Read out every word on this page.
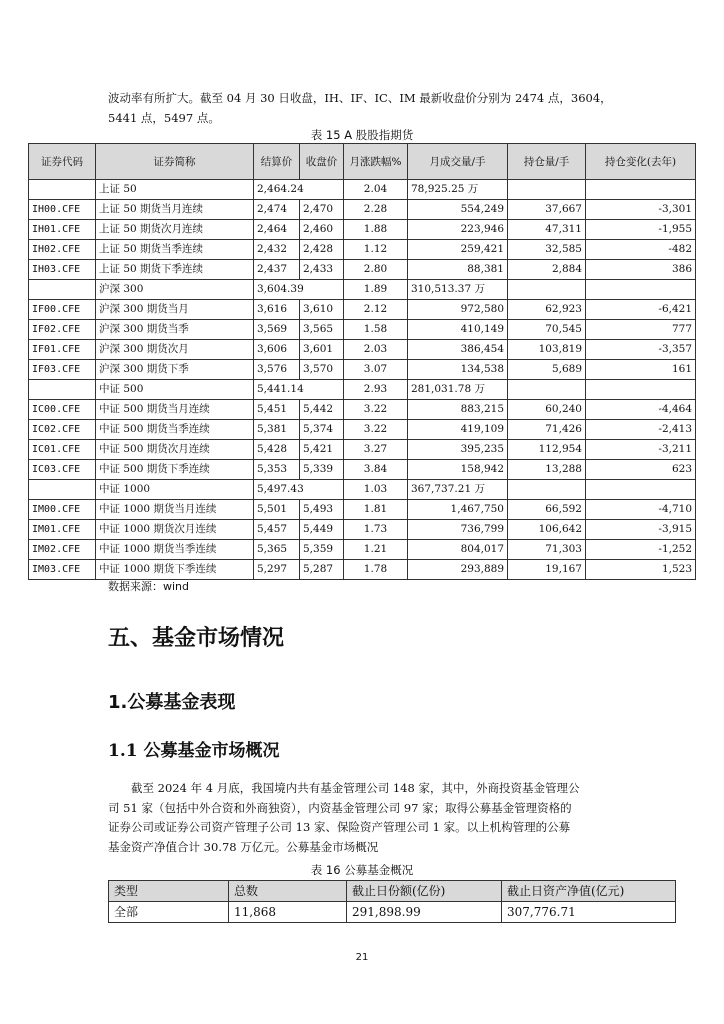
波动率有所扩大。截至 04 月 30 日收盘，IH、IF、IC、IM 最新收盘价分别为 2474 点，3604，
5441 点，5497 点。

表 15 A 股股指期货
证券代码	证券简称	结算价	收盘价	月涨跌幅%	月成交量/手	持仓量/手	持仓变化(去年)
	上证 50	2,464.24		2.04	78,925.25 万		
IH00.CFE	上证 50 期货当月连续	2,474	2,470	2.28	554,249	37,667	-3,301
IH01.CFE	上证 50 期货次月连续	2,464	2,460	1.88	223,946	47,311	-1,955
IH02.CFE	上证 50 期货当季连续	2,432	2,428	1.12	259,421	32,585	-482
IH03.CFE	上证 50 期货下季连续	2,437	2,433	2.80	88,381	2,884	386
	沪深 300	3,604.39		1.89	310,513.37 万		
IF00.CFE	沪深 300 期货当月	3,616	3,610	2.12	972,580	62,923	-6,421
IF02.CFE	沪深 300 期货当季	3,569	3,565	1.58	410,149	70,545	777
IF01.CFE	沪深 300 期货次月	3,606	3,601	2.03	386,454	103,819	-3,357
IF03.CFE	沪深 300 期货下季	3,576	3,570	3.07	134,538	5,689	161
	中证 500	5,441.14		2.93	281,031.78 万		
IC00.CFE	中证 500 期货当月连续	5,451	5,442	3.22	883,215	60,240	-4,464
IC02.CFE	中证 500 期货当季连续	5,381	5,374	3.22	419,109	71,426	-2,413
IC01.CFE	中证 500 期货次月连续	5,428	5,421	3.27	395,235	112,954	-3,211
IC03.CFE	中证 500 期货下季连续	5,353	5,339	3.84	158,942	13,288	623
	中证 1000	5,497.43		1.03	367,737.21 万		
IM00.CFE	中证 1000 期货当月连续	5,501	5,493	1.81	1,467,750	66,592	-4,710
IM01.CFE	中证 1000 期货次月连续	5,457	5,449	1.73	736,799	106,642	-3,915
IM02.CFE	中证 1000 期货当季连续	5,365	5,359	1.21	804,017	71,303	-1,252
IM03.CFE	中证 1000 期货下季连续	5,297	5,287	1.78	293,889	19,167	1,523
数据来源：wind
五、基金市场情况
1.公募基金表现
1.1 公募基金市场概况

截至 2024 年 4 月底，我国境内共有基金管理公司 148 家，其中，外商投资基金管理公
司 51 家（包括中外合资和外商独资），内资基金管理公司 97 家；取得公募基金管理资格的
证券公司或证券公司资产管理子公司 13 家、保险资产管理公司 1 家。以上机构管理的公募
基金资产净值合计 30.78 万亿元。公募基金市场概况

表 16 公募基金概况
类型	总数	截止日份额(亿份)	截止日资产净值(亿元)
全部	11,868	291,898.99	307,776.71
21
